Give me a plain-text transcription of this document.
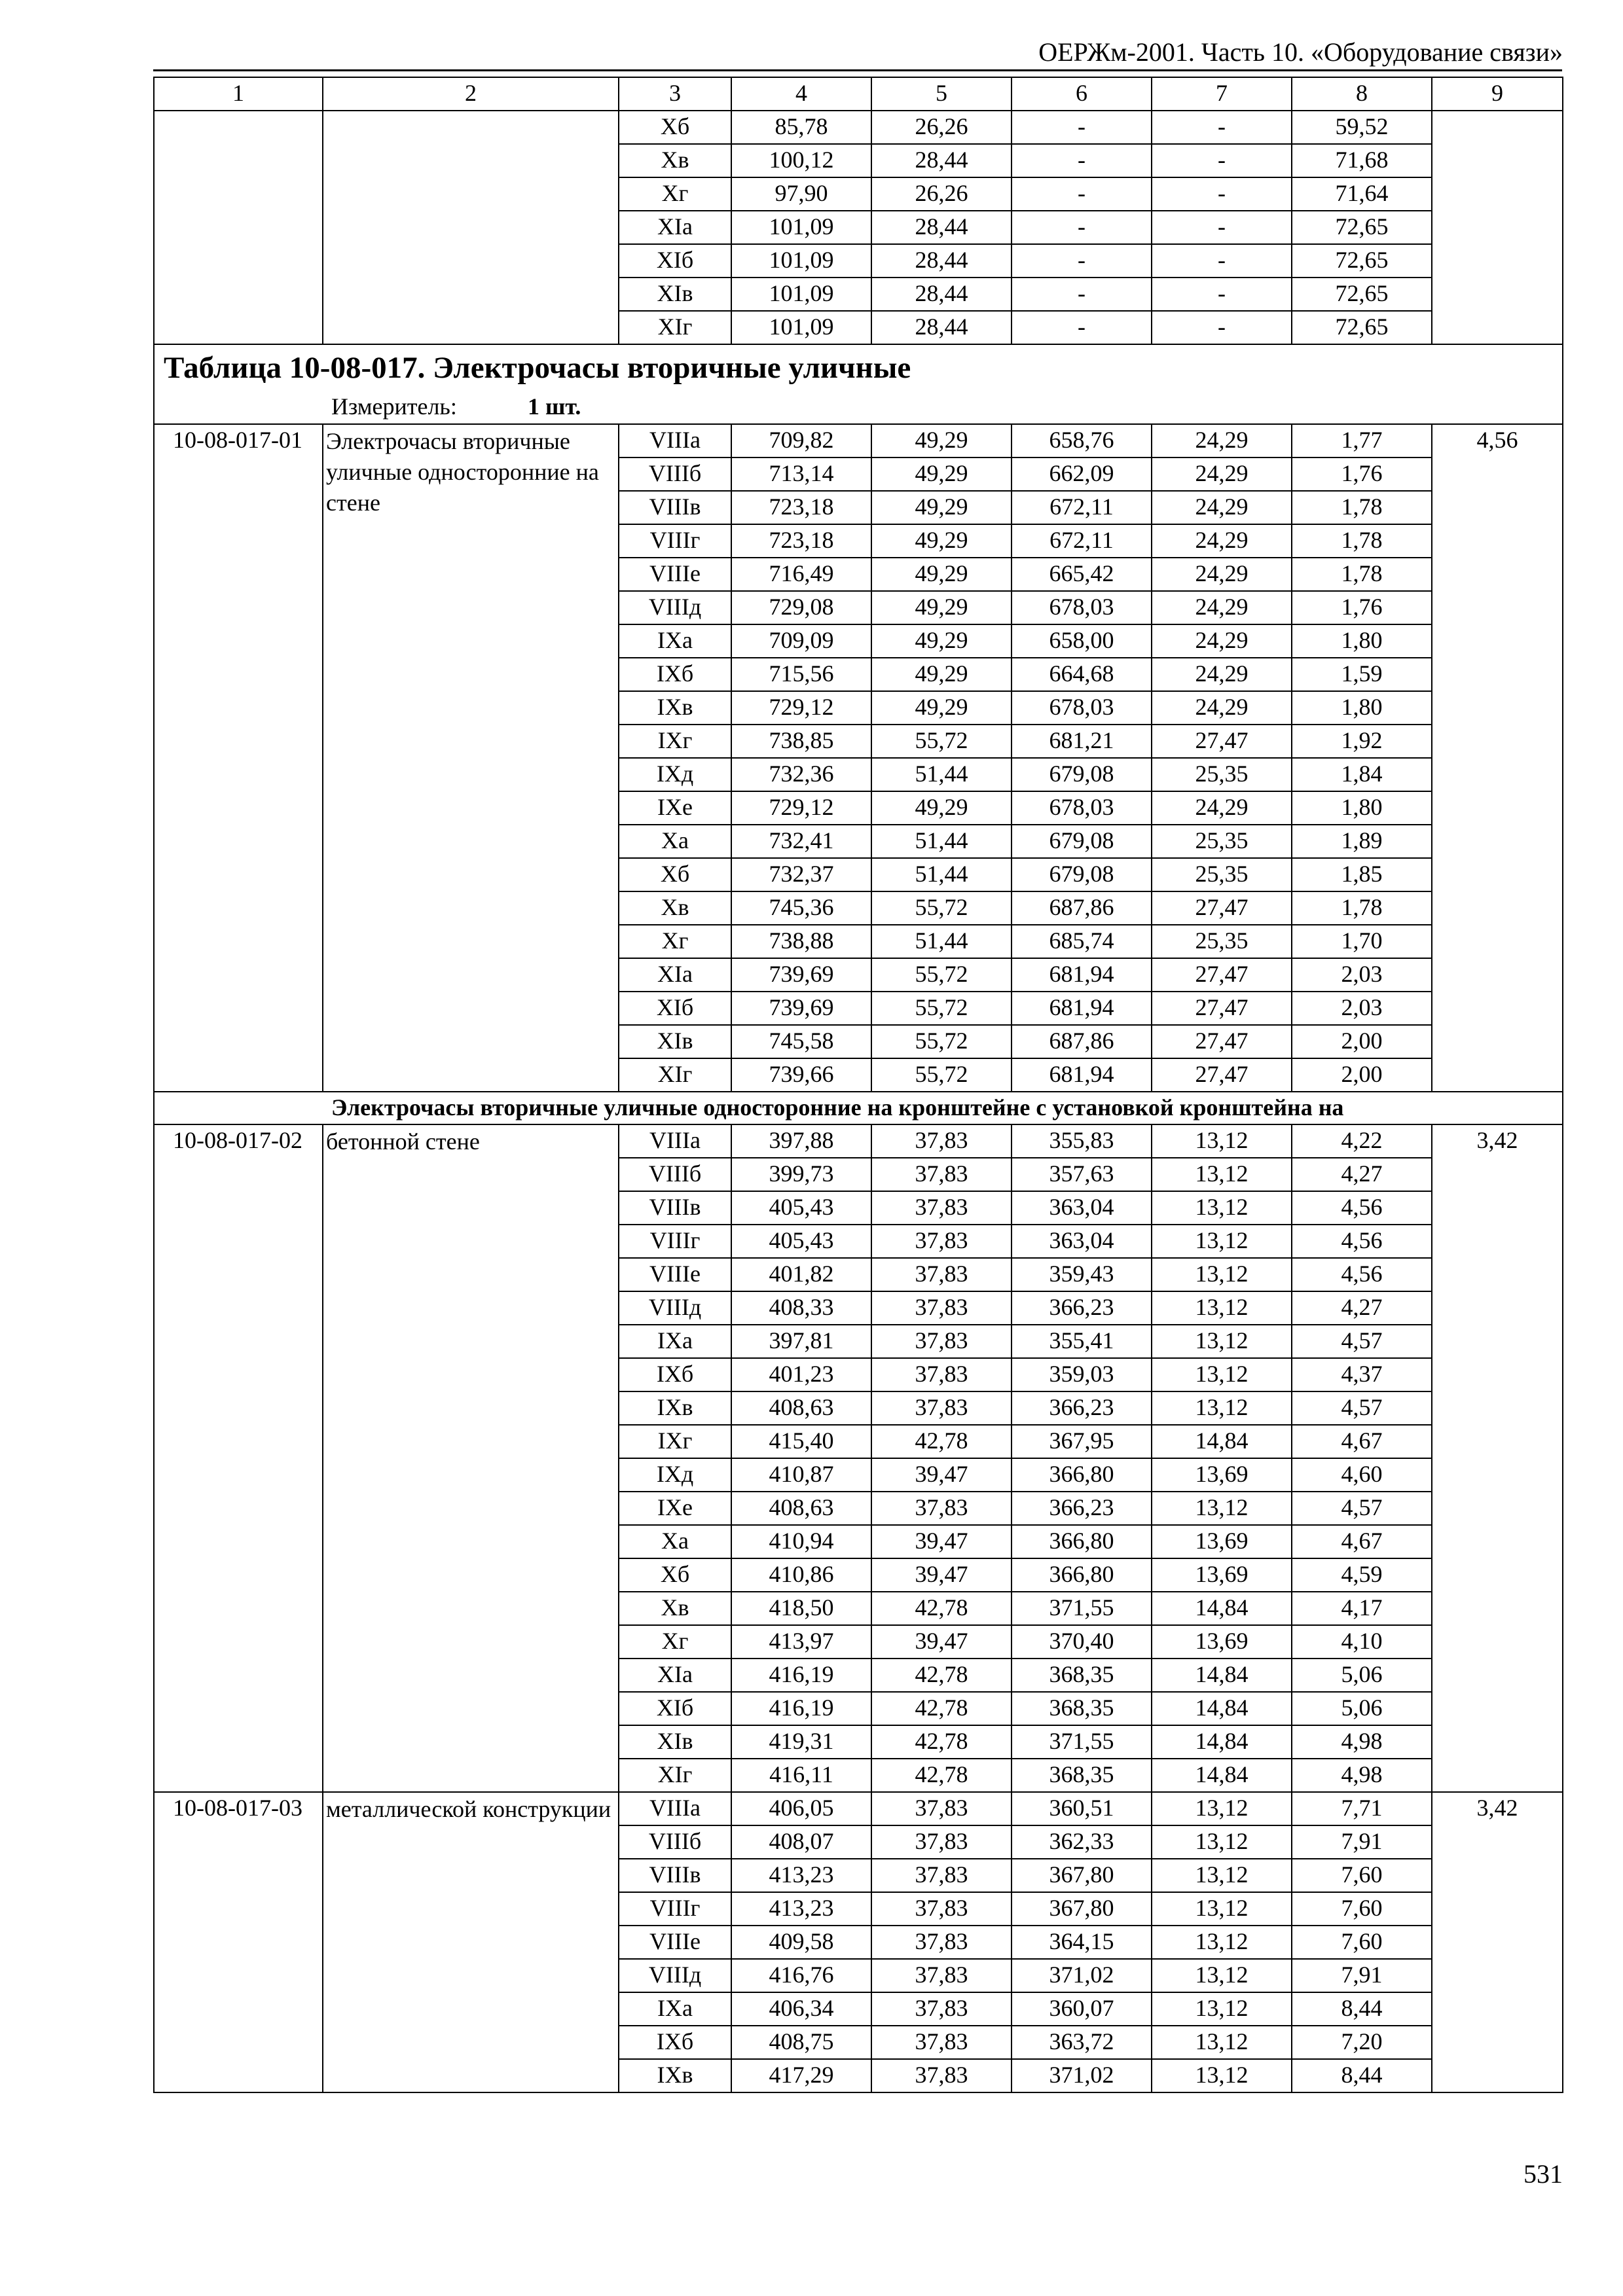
ОЕРЖм-2001. Часть 10. «Оборудование связи»
1	2	3	4	5	6	7	8	9
		Xб	85,78	26,26	-	-	59,52	
		Xв	100,12	28,44	-	-	71,68	
		Xг	97,90	26,26	-	-	71,64	
		XIa	101,09	28,44	-	-	72,65	
		XIб	101,09	28,44	-	-	72,65	
		XIв	101,09	28,44	-	-	72,65	
		XIг	101,09	28,44	-	-	72,65	
Таблица 10-08-017. Электрочасы вторичные уличные								
Измеритель: 1 шт.								
10-08-017-01	Электрочасы вторичные уличные односторонние на стене	VIIIa	709,82	49,29	658,76	24,29	1,77	4,56
		VIIIб	713,14	49,29	662,09	24,29	1,76	
		VIIIв	723,18	49,29	672,11	24,29	1,78	
		VIIIг	723,18	49,29	672,11	24,29	1,78	
		VIIIe	716,49	49,29	665,42	24,29	1,78	
		VIIIд	729,08	49,29	678,03	24,29	1,76	
		IXa	709,09	49,29	658,00	24,29	1,80	
		IXб	715,56	49,29	664,68	24,29	1,59	
		IXв	729,12	49,29	678,03	24,29	1,80	
		IXг	738,85	55,72	681,21	27,47	1,92	
		IXд	732,36	51,44	679,08	25,35	1,84	
		IXe	729,12	49,29	678,03	24,29	1,80	
		Xa	732,41	51,44	679,08	25,35	1,89	
		Xб	732,37	51,44	679,08	25,35	1,85	
		Xв	745,36	55,72	687,86	27,47	1,78	
		Xг	738,88	51,44	685,74	25,35	1,70	
		XIa	739,69	55,72	681,94	27,47	2,03	
		XIб	739,69	55,72	681,94	27,47	2,03	
		XIв	745,58	55,72	687,86	27,47	2,00	
		XIг	739,66	55,72	681,94	27,47	2,00	
Электрочасы вторичные уличные односторонние на кронштейне с установкой кронштейна на								
10-08-017-02	бетонной стене	VIIIa	397,88	37,83	355,83	13,12	4,22	3,42
		VIIIб	399,73	37,83	357,63	13,12	4,27	
		VIIIв	405,43	37,83	363,04	13,12	4,56	
		VIIIг	405,43	37,83	363,04	13,12	4,56	
		VIIIe	401,82	37,83	359,43	13,12	4,56	
		VIIIд	408,33	37,83	366,23	13,12	4,27	
		IXa	397,81	37,83	355,41	13,12	4,57	
		IXб	401,23	37,83	359,03	13,12	4,37	
		IXв	408,63	37,83	366,23	13,12	4,57	
		IXг	415,40	42,78	367,95	14,84	4,67	
		IXд	410,87	39,47	366,80	13,69	4,60	
		IXe	408,63	37,83	366,23	13,12	4,57	
		Xa	410,94	39,47	366,80	13,69	4,67	
		Xб	410,86	39,47	366,80	13,69	4,59	
		Xв	418,50	42,78	371,55	14,84	4,17	
		Xг	413,97	39,47	370,40	13,69	4,10	
		XIa	416,19	42,78	368,35	14,84	5,06	
		XIб	416,19	42,78	368,35	14,84	5,06	
		XIв	419,31	42,78	371,55	14,84	4,98	
		XIг	416,11	42,78	368,35	14,84	4,98	
10-08-017-03	металлической конструкции	VIIIa	406,05	37,83	360,51	13,12	7,71	3,42
		VIIIб	408,07	37,83	362,33	13,12	7,91	
		VIIIв	413,23	37,83	367,80	13,12	7,60	
		VIIIг	413,23	37,83	367,80	13,12	7,60	
		VIIIe	409,58	37,83	364,15	13,12	7,60	
		VIIIд	416,76	37,83	371,02	13,12	7,91	
		IXa	406,34	37,83	360,07	13,12	8,44	
		IXб	408,75	37,83	363,72	13,12	7,20	
		IXв	417,29	37,83	371,02	13,12	8,44	
531
